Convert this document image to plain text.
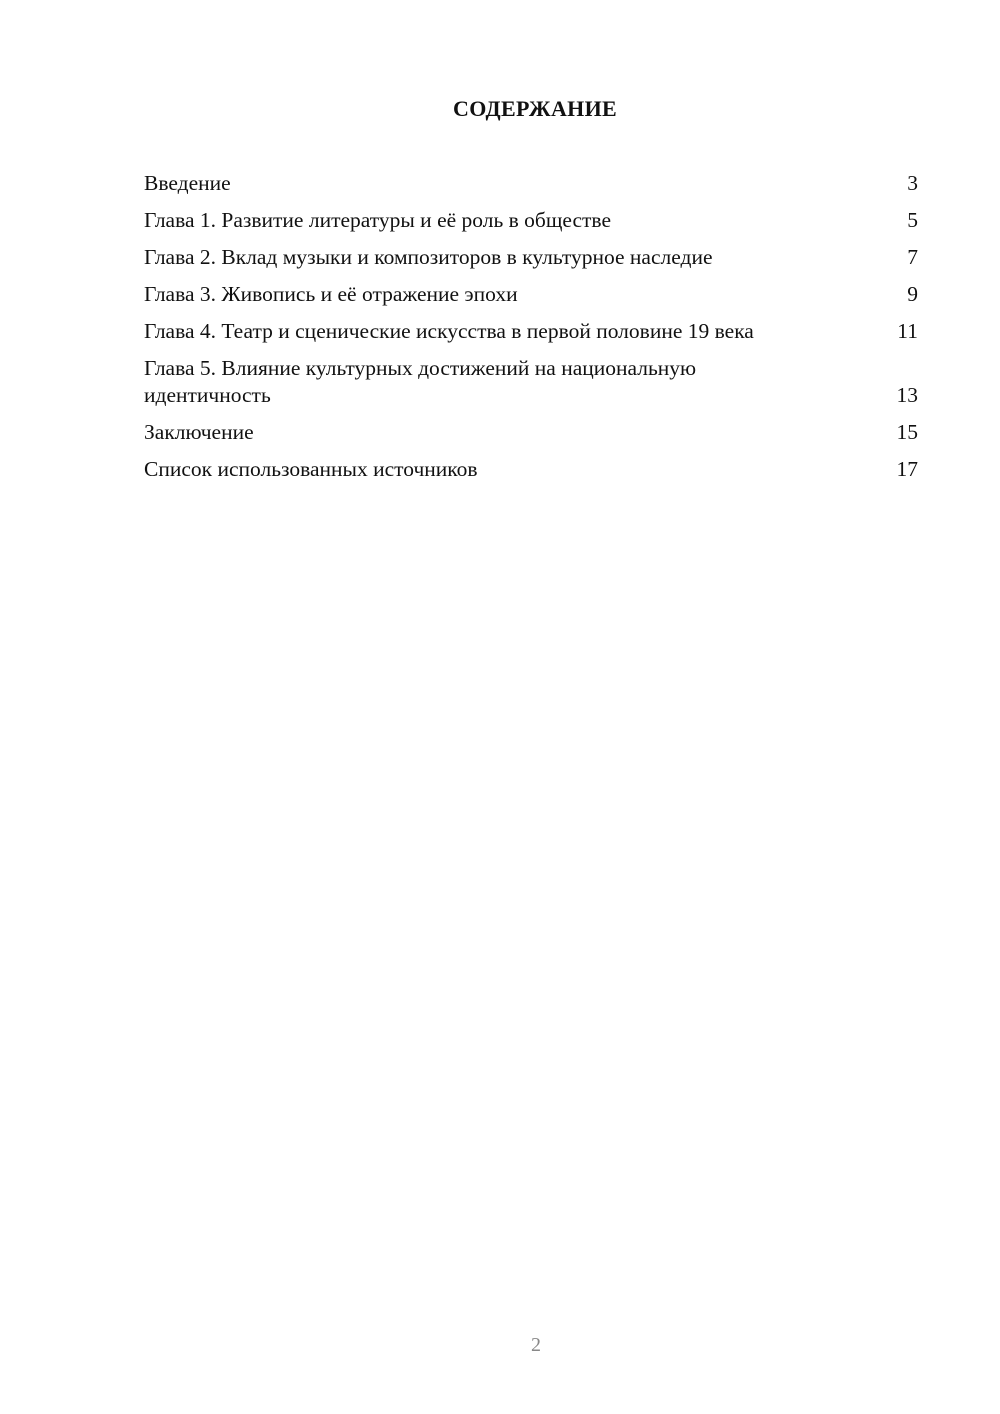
СОДЕРЖАНИЕ
Введение	3
Глава 1. Развитие литературы и её роль в обществе	5
Глава 2. Вклад музыки и композиторов в культурное наследие	7
Глава 3. Живопись и её отражение эпохи	9
Глава 4. Театр и сценические искусства в первой половине 19 века	11
Глава 5. Влияние культурных достижений на национальную идентичность	13
Заключение	15
Список использованных источников	17
2
